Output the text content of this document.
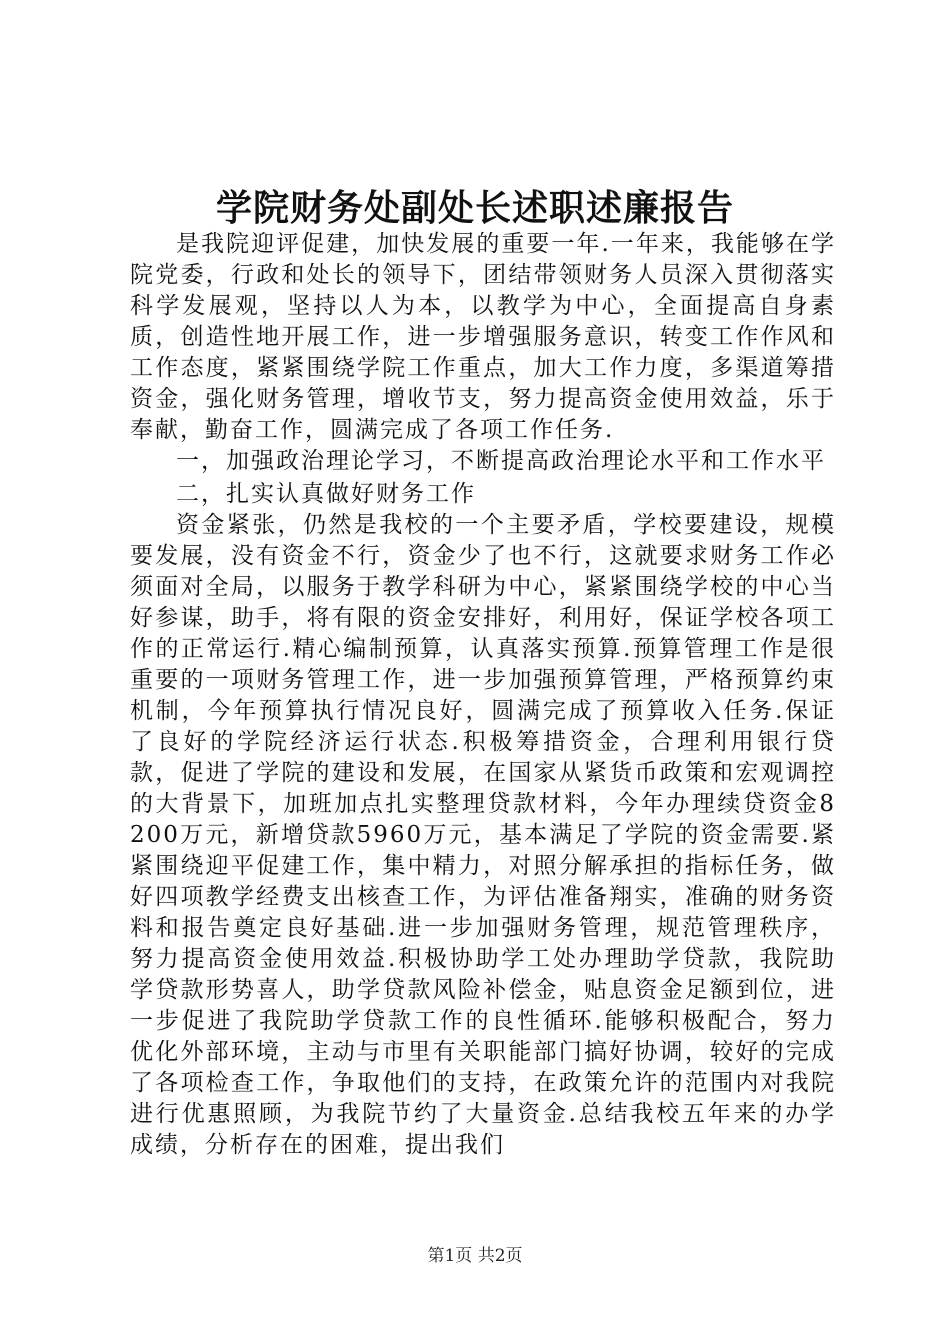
学院财务处副处长述职述廉报告

是我院迎评促建，加快发展的重要一年.一年来，我能够在学院党委，行政和处长的领导下，团结带领财务人员深入贯彻落实科学发展观，坚持以人为本，以教学为中心，全面提高自身素质，创造性地开展工作，进一步增强服务意识，转变工作作风和工作态度，紧紧围绕学院工作重点，加大工作力度，多渠道筹措资金，强化财务管理，增收节支，努力提高资金使用效益，乐于奉献，勤奋工作，圆满完成了各项工作任务.

一，加强政治理论学习，不断提高政治理论水平和工作水平

二，扎实认真做好财务工作

资金紧张，仍然是我校的一个主要矛盾，学校要建设，规模要发展，没有资金不行，资金少了也不行，这就要求财务工作必须面对全局，以服务于教学科研为中心，紧紧围绕学校的中心当好参谋，助手，将有限的资金安排好，利用好，保证学校各项工作的正常运行.精心编制预算，认真落实预算.预算管理工作是很重要的一项财务管理工作，进一步加强预算管理，严格预算约束机制，今年预算执行情况良好，圆满完成了预算收入任务.保证了良好的学院经济运行状态.积极筹措资金，合理利用银行贷款，促进了学院的建设和发展，在国家从紧货币政策和宏观调控的大背景下，加班加点扎实整理贷款材料，今年办理续贷资金8200万元，新增贷款5960万元，基本满足了学院的资金需要.紧紧围绕迎平促建工作，集中精力，对照分解承担的指标任务，做好四项教学经费支出核查工作，为评估准备翔实，准确的财务资料和报告奠定良好基础.进一步加强财务管理，规范管理秩序，努力提高资金使用效益.积极协助学工处办理助学贷款，我院助学贷款形势喜人，助学贷款风险补偿金，贴息资金足额到位，进一步促进了我院助学贷款工作的良性循环.能够积极配合，努力优化外部环境，主动与市里有关职能部门搞好协调，较好的完成了各项检查工作，争取他们的支持，在政策允许的范围内对我院进行优惠照顾，为我院节约了大量资金.总结我校五年来的办学成绩，分析存在的困难，提出我们

第1页 共2页
